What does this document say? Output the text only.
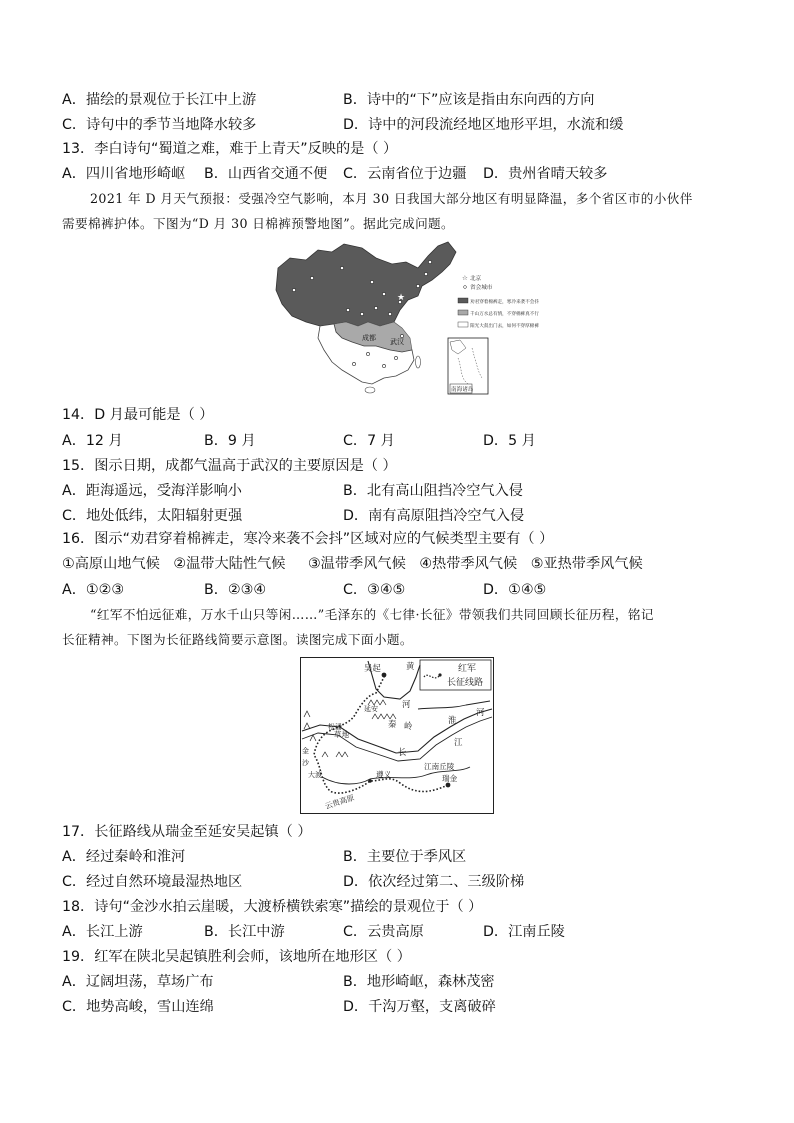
A．描绘的景观位于长江中上游	B．诗中的“下”应该是指由东向西的方向
C．诗句中的季节当地降水较多	D．诗中的河段流经地区地形平坦，水流和缓
13．李白诗句“蜀道之难，难于上青天”反映的是（ ）
A．四川省地形崎岖 B．山西省交通不便 C．云南省位于边疆 D．贵州省晴天较多
2021 年 D 月天气预报：受强冷空气影响，本月 30 日我国大部分地区有明显降温，多个省区市的小伙伴
需要棉裤护体。下图为“D 月 30 日棉裤预警地图”。据此完成问题。
★
成都 武汉
☆ 北京
省会城市
劝君穿着棉裤走，寒冷来袭不会抖
千山万水总有情，不穿棉裤真不行
阳光大叔出门去，如何不穿厚棉裤
南海诸岛
14．D 月最可能是（ ）
A．12 月	B．9 月	C．7 月	D．5 月
15．图示日期，成都气温高于武汉的主要原因是（ ）
A．距海遥远，受海洋影响小	B．北有高山阻挡冷空气入侵
C．地处低纬，太阳辐射更强	D．南有高原阻挡冷空气入侵
16．图示“劝君穿着棉裤走，寒冷来袭不会抖”区域对应的气候类型主要有（ ）
①高原山地气候   ②温带大陆性气候     ③温带季风气候   ④热带季风气候   ⑤亚热带季风气候
A．①②③	B．②③④	C．③④⑤	D．①④⑤
“红军不怕远征难，万水千山只等闲……”毛泽东的《七律·长征》带领我们共同回顾长征历程，铭记
长征精神。下图为长征路线简要示意图。读图完成下面小题。
红军
长征线路
吴起
延安
黄
河
秦 岭
淮
河
长
江
草地
松潘
金
沙
大渡	遵义
江南丘陵
瑞金
云贵高原
17．长征路线从瑞金至延安吴起镇（ ）
A．经过秦岭和淮河	B．主要位于季风区
C．经过自然环境最湿热地区	D．依次经过第二、三级阶梯
18．诗句“金沙水拍云崖暖，大渡桥横铁索寒”描绘的景观位于（ ）
A．长江上游	B．长江中游	C．云贵高原	D．江南丘陵
19．红军在陕北吴起镇胜利会师，该地所在地形区（ ）
A．辽阔坦荡，草场广布	B．地形崎岖，森林茂密
C．地势高峻，雪山连绵	D．千沟万壑，支离破碎
